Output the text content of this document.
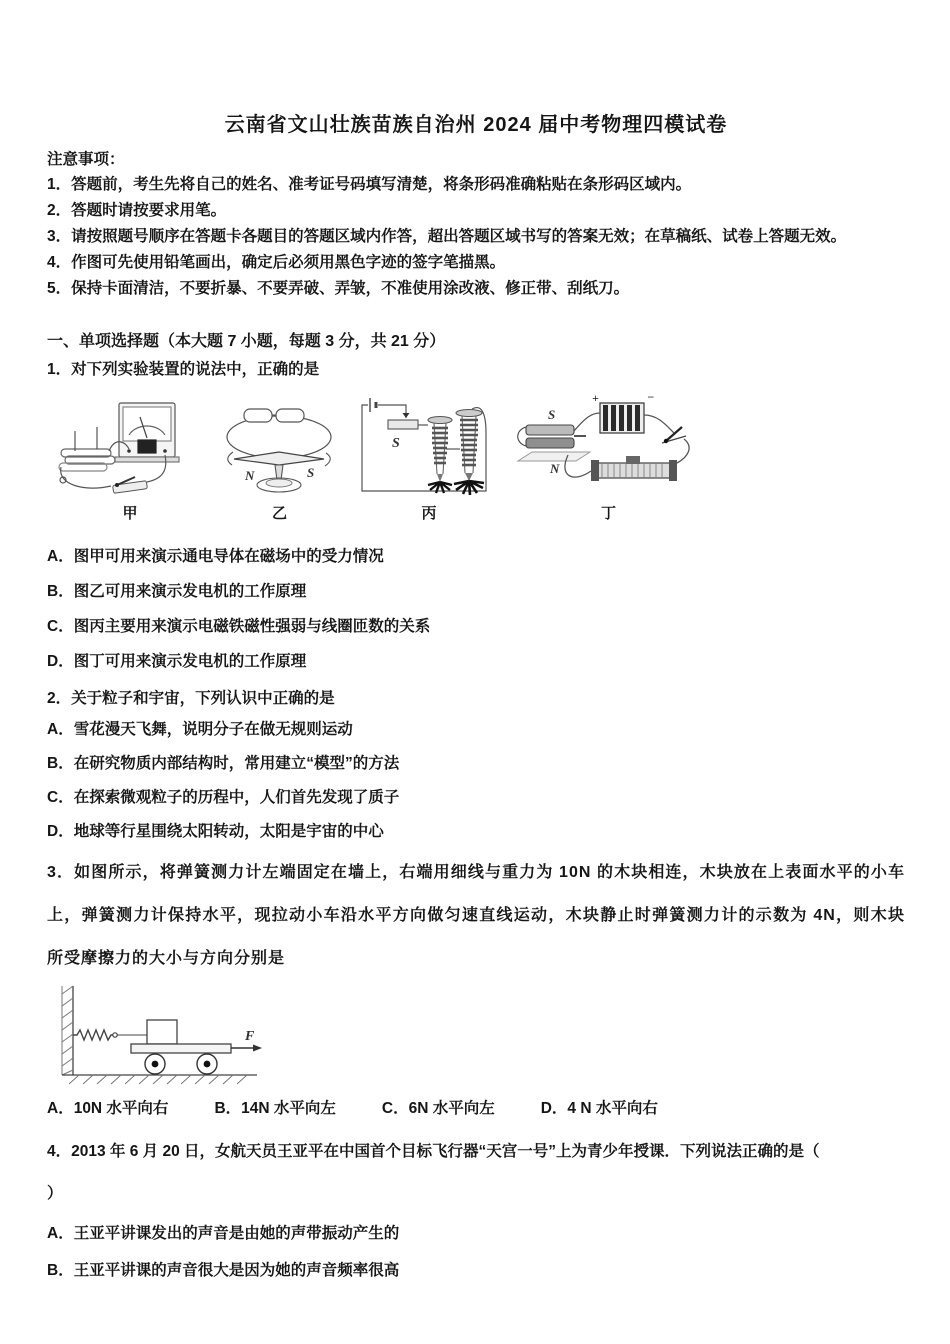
云南省文山壮族苗族自治州 2024 届中考物理四模试卷
注意事项：
1．答题前，考生先将自己的姓名、准考证号码填写清楚，将条形码准确粘贴在条形码区域内。
2．答题时请按要求用笔。
3．请按照题号顺序在答题卡各题目的答题区域内作答，超出答题区域书写的答案无效；在草稿纸、试卷上答题无效。
4．作图可先使用铅笔画出，确定后必须用黑色字迹的签字笔描黑。
5．保持卡面清洁，不要折暴、不要弄破、弄皱，不准使用涂改液、修正带、刮纸刀。
一、单项选择题（本大题 7 小题，每题 3 分，共 21 分）
1．对下列实验装置的说法中，正确的是
甲
N	S
乙
S
丙
S
N
+	−
丁
A．图甲可用来演示通电导体在磁场中的受力情况
B．图乙可用来演示发电机的工作原理
C．图丙主要用来演示电磁铁磁性强弱与线圈匝数的关系
D．图丁可用来演示发电机的工作原理
2．关于粒子和宇宙，下列认识中正确的是
A．雪花漫天飞舞，说明分子在做无规则运动
B．在研究物质内部结构时，常用建立“模型”的方法
C．在探索微观粒子的历程中，人们首先发现了质子
D．地球等行星围绕太阳转动，太阳是宇宙的中心
3．如图所示，将弹簧测力计左端固定在墙上，右端用细线与重力为 10N 的木块相连，木块放在上表面水平的小车上，弹簧测力计保持水平，现拉动小车沿水平方向做匀速直线运动，木块静止时弹簧测力计的示数为 4N，则木块所受摩擦力的大小与方向分别是
F
A．10N 水平向右	B．14N 水平向左	C．6N 水平向左	D．4 N 水平向右
4．2013 年 6 月 20 日，女航天员王亚平在中国首个目标飞行器“天宫一号”上为青少年授课．下列说法正确的是（
）
A．王亚平讲课发出的声音是由她的声带振动产生的
B．王亚平讲课的声音很大是因为她的声音频率很高
